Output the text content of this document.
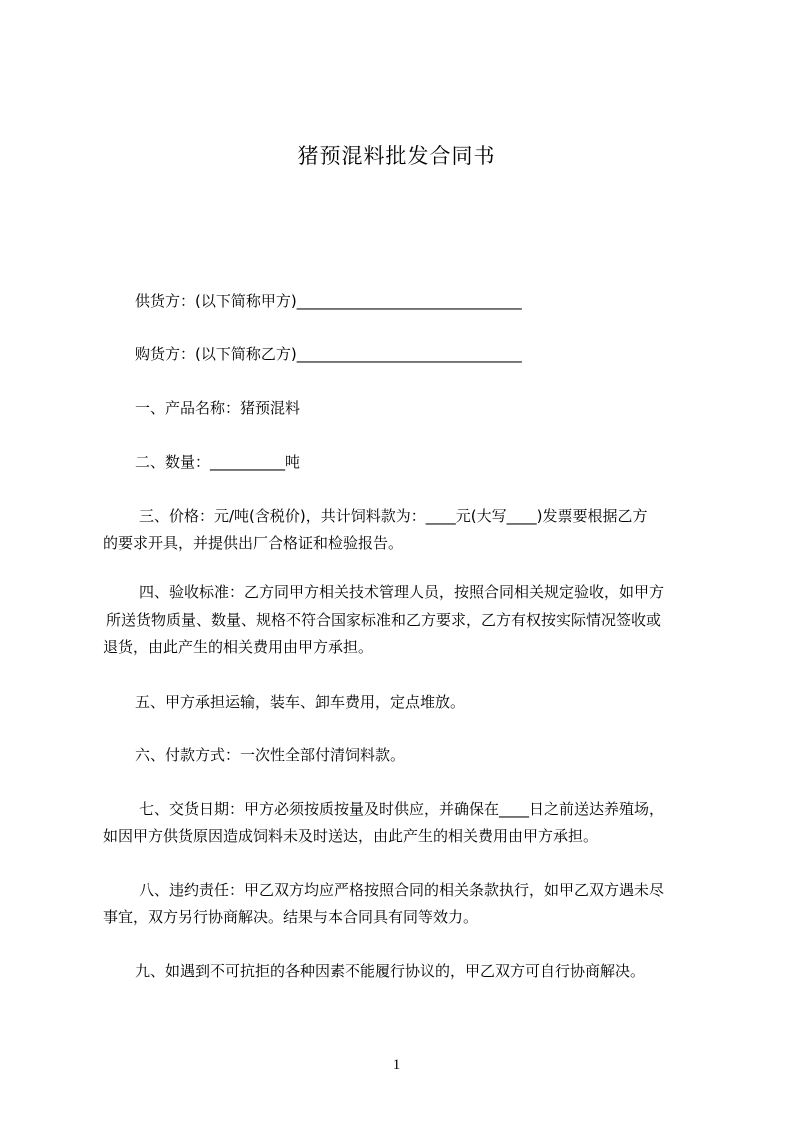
猪预混料批发合同书
供货方：(以下简称甲方)______________________________
购货方：(以下简称乙方)______________________________
一、产品名称：猪预混料
二、数量：__________吨
三、价格：元/吨(含税价)，共计饲料款为：____元(大写____)发票要根据乙方
的要求开具，并提供出厂合格证和检验报告。
四、验收标准：乙方同甲方相关技术管理人员，按照合同相关规定验收，如甲方
所送货物质量、数量、规格不符合国家标准和乙方要求，乙方有权按实际情况签收或
退货，由此产生的相关费用由甲方承担。
五、甲方承担运输，装车、卸车费用，定点堆放。
六、付款方式：一次性全部付清饲料款。
七、交货日期：甲方必须按质按量及时供应，并确保在____日之前送达养殖场，
如因甲方供货原因造成饲料未及时送达，由此产生的相关费用由甲方承担。
八、违约责任：甲乙双方均应严格按照合同的相关条款执行，如甲乙双方遇未尽
事宜，双方另行协商解决。结果与本合同具有同等效力。
九、如遇到不可抗拒的各种因素不能履行协议的，甲乙双方可自行协商解决。
1
